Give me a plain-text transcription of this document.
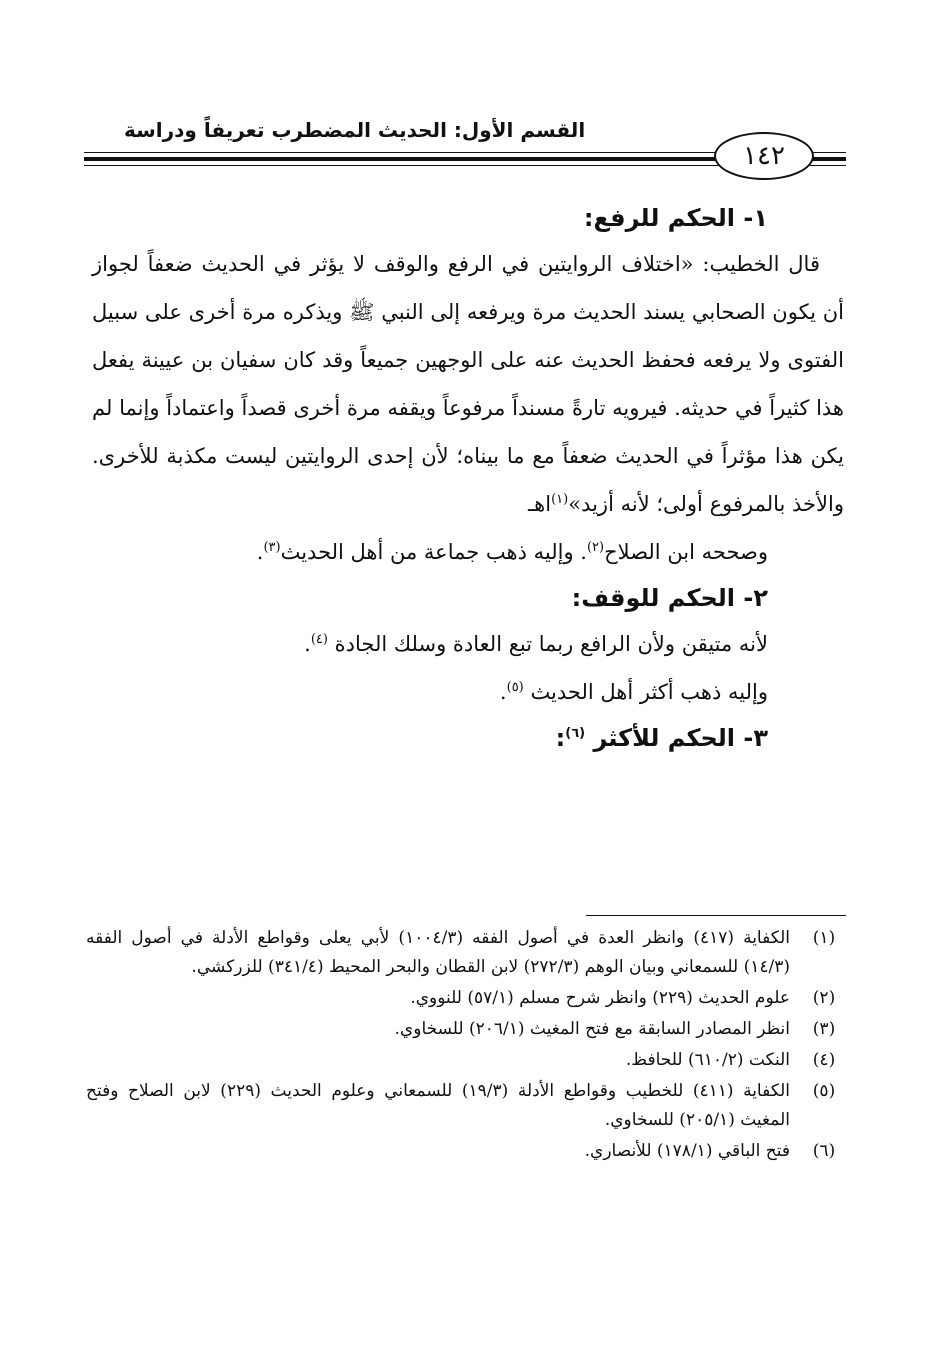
القسم الأول: الحديث المضطرب تعريفاً ودراسة
١٤٢
١- الحكم للرفع:

قال الخطيب: «اختلاف الروايتين في الرفع والوقف لا يؤثر في الحديث ضعفاً لجواز أن يكون الصحابي يسند الحديث مرة ويرفعه إلى النبي ﷺ ويذكره مرة أخرى على سبيل الفتوى ولا يرفعه فحفظ الحديث عنه على الوجهين جميعاً وقد كان سفيان بن عيينة يفعل هذا كثيراً في حديثه. فيرويه تارةً مسنداً مرفوعاً ويقفه مرة أخرى قصداً واعتماداً وإنما لم يكن هذا مؤثراً في الحديث ضعفاً مع ما بيناه؛ لأن إحدى الروايتين ليست مكذبة للأخرى. والأخذ بالمرفوع أولى؛ لأنه أزيد»$^{(١)}$اهـ

وصححه ابن الصلاح$^{(٢)}$. وإليه ذهب جماعة من أهل الحديث$^{(٣)}$.

٢- الحكم للوقف:

لأنه متيقن ولأن الرافع ربما تبع العادة وسلك الجادة $^{(٤)}$.

وإليه ذهب أكثر أهل الحديث $^{(٥)}$.

٣- الحكم للأكثر $^{(٦)}$:
(١)
الكفاية (٤١٧) وانظر العدة في أصول الفقه (١٠٠٤/٣) لأبي يعلى وقواطع الأدلة في أصول الفقه (١٤/٣) للسمعاني وبيان الوهم (٢٧٢/٣) لابن القطان والبحر المحيط (٣٤١/٤) للزركشي.
(٢)
علوم الحديث (٢٢٩) وانظر شرح مسلم (٥٧/١) للنووي.
(٣)
انظر المصادر السابقة مع فتح المغيث (٢٠٦/١) للسخاوي.
(٤)
النكت (٦١٠/٢) للحافظ.
(٥)
الكفاية (٤١١) للخطيب وقواطع الأدلة (١٩/٣) للسمعاني وعلوم الحديث (٢٢٩) لابن الصلاح وفتح المغيث (٢٠٥/١) للسخاوي.
(٦)
فتح الباقي (١٧٨/١) للأنصاري.
